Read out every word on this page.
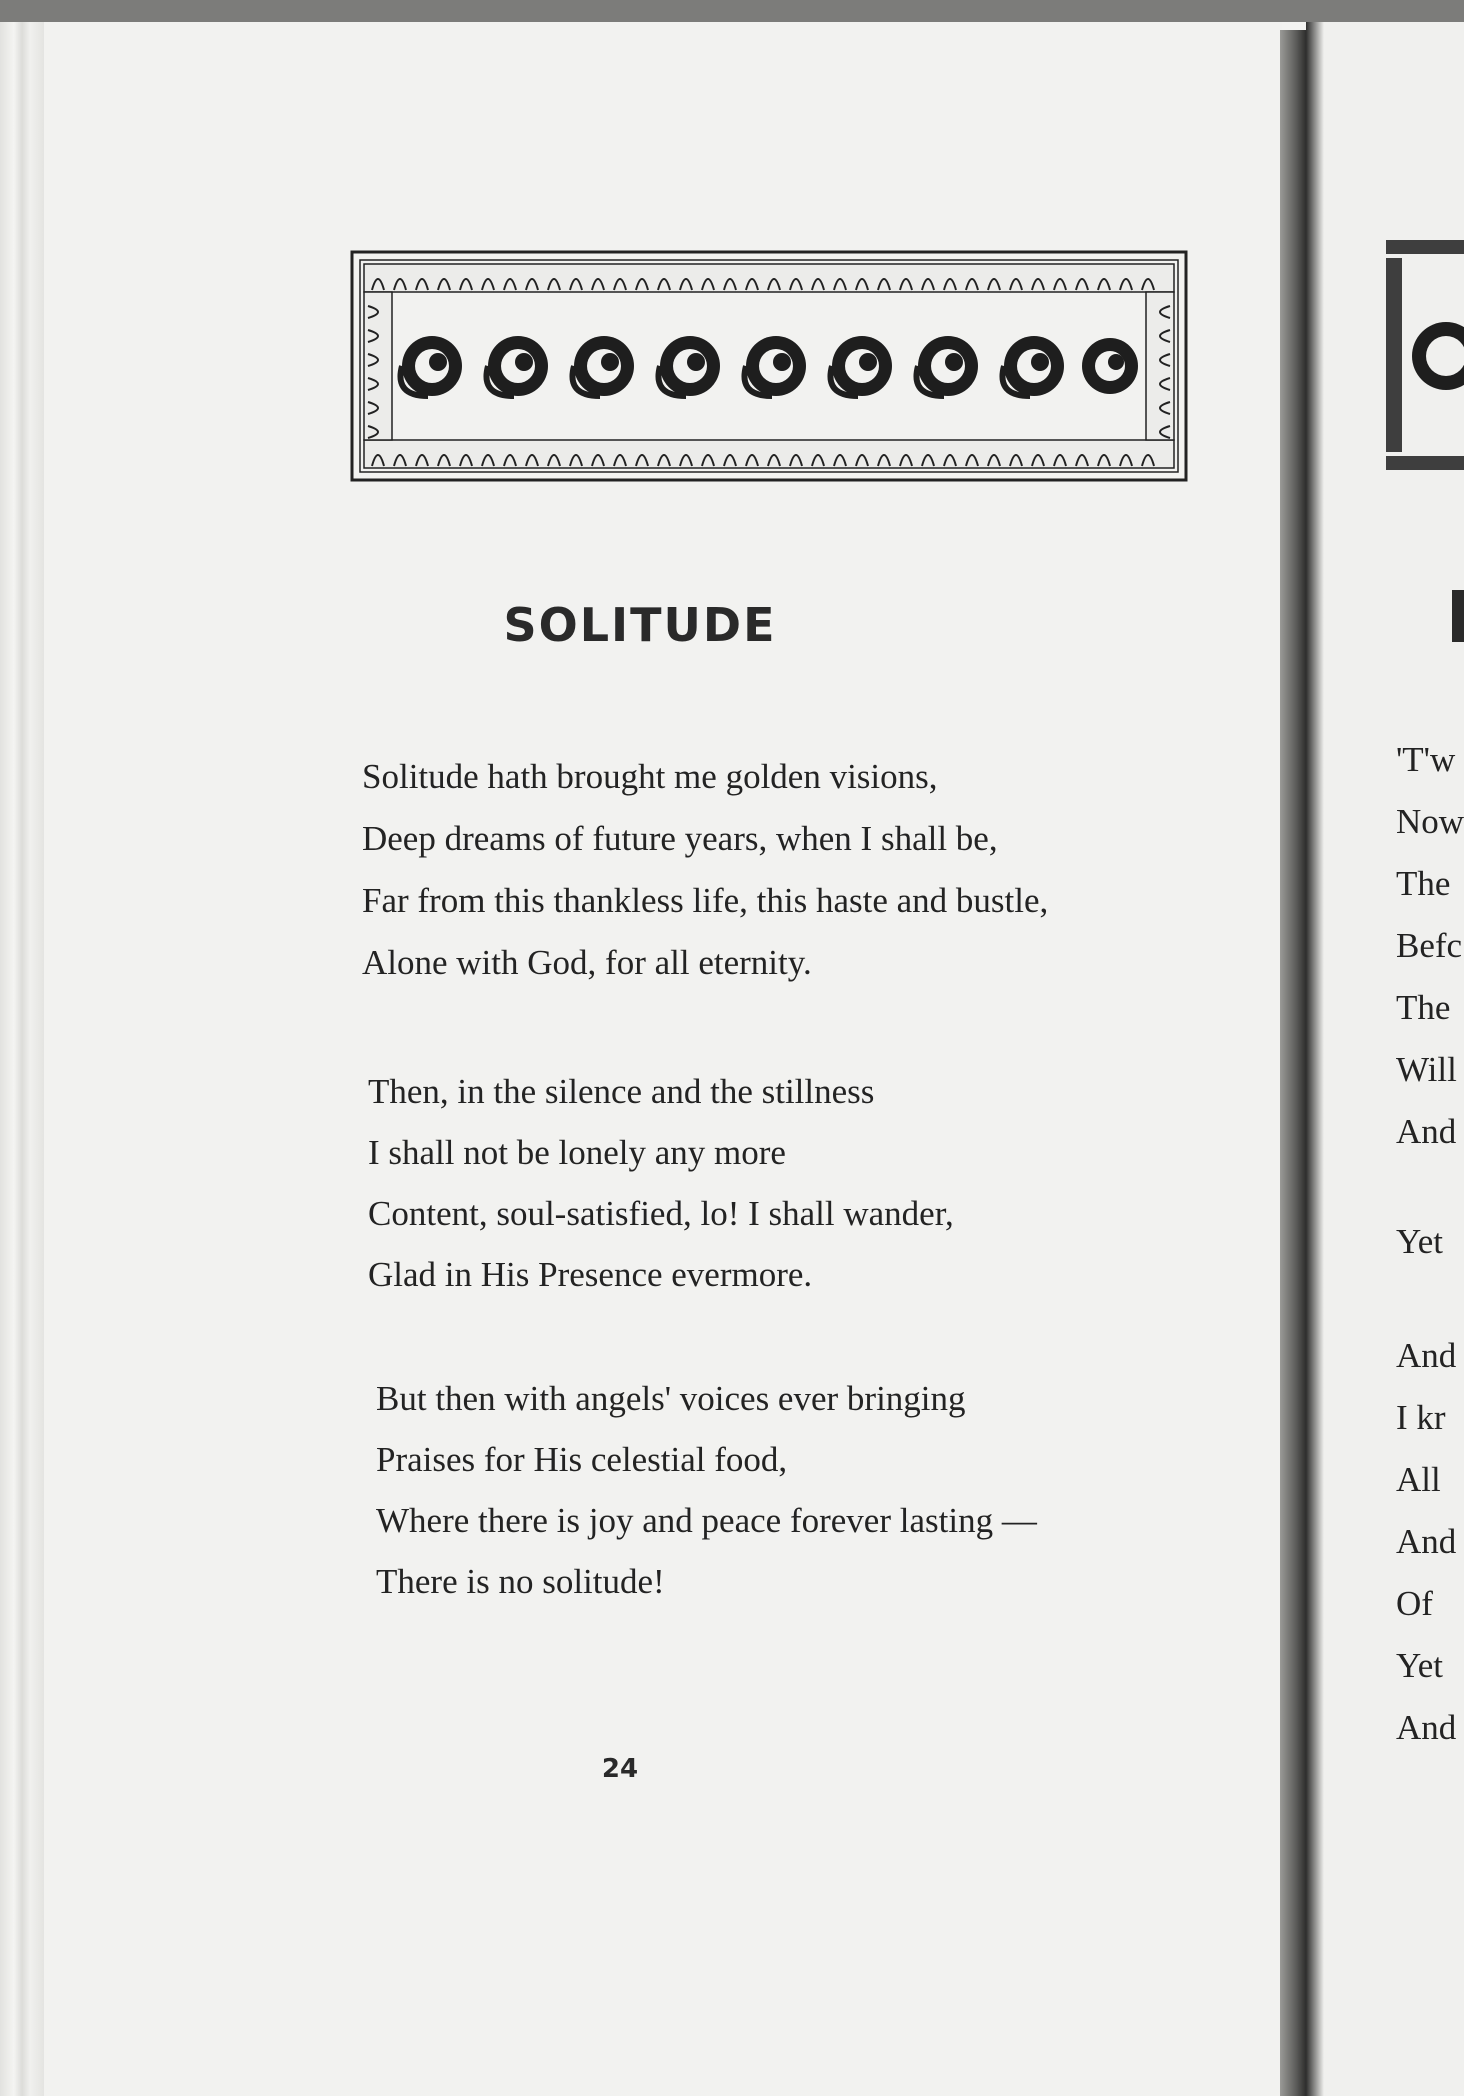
SOLITUDE
Solitude hath brought me golden visions,
Deep dreams of future years, when I shall be,
Far from this thankless life, this haste and bustle,
Alone with God, for all eternity.
Then, in the silence and the stillness
I shall not be lonely any more
Content, soul-satisfied, lo! I shall wander,
Glad in His Presence evermore.
But then with angels' voices ever bringing
Praises for His celestial food,
Where there is joy and peace forever lasting —
There is no solitude!
24
'T'w
Now
The
Befc
The
Will
And
Yet
And
I kr
All
And
Of
Yet
And
